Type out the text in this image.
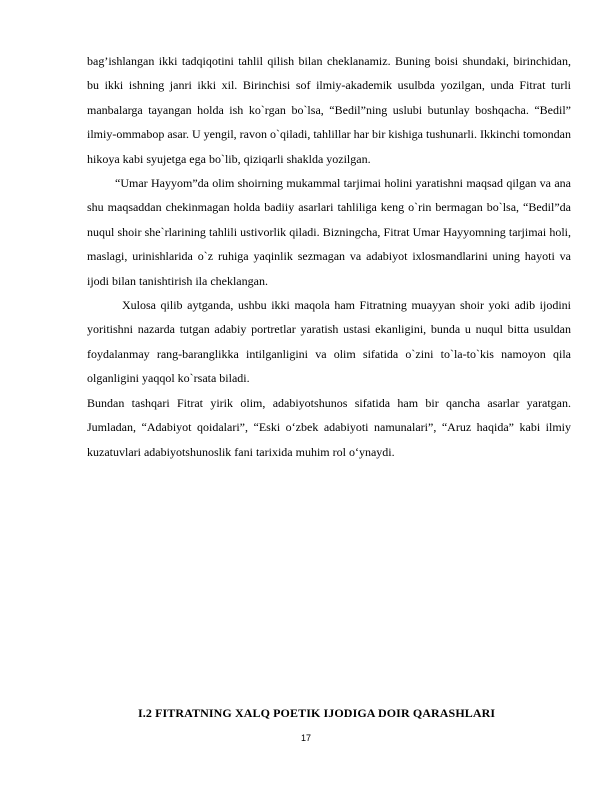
bag’ishlangan ikki tadqiqotini tahlil qilish bilan cheklanamiz. Buning boisi shundaki, birinchidan, bu ikki ishning janri ikki xil. Birinchisi sof ilmiy-akademik usulbda yozilgan, unda Fitrat turli manbalarga tayangan holda ish ko`rgan bo`lsa, “Bedil”ning uslubi butunlay boshqacha. “Bedil” ilmiy-ommabop asar. U yengil, ravon o`qiladi, tahlillar har bir kishiga tushunarli. Ikkinchi tomondan hikoya kabi syujetga ega bo`lib, qiziqarli shaklda yozilgan.

“Umar Hayyom”da olim shoirning mukammal tarjimai holini yaratishni maqsad qilgan va ana shu maqsaddan chekinmagan holda badiiy asarlari tahliliga keng o`rin bermagan bo`lsa, “Bedil”da nuqul shoir she`rlarining tahlili ustivorlik qiladi. Bizningcha, Fitrat Umar Hayyomning tarjimai holi, maslagi, urinishlarida o`z ruhiga yaqinlik sezmagan va adabiyot ixlosmandlarini uning hayoti va ijodi bilan tanishtirish ila cheklangan.

Xulosa qilib aytganda, ushbu ikki maqola ham Fitratning muayyan shoir yoki adib ijodini yoritishni nazarda tutgan adabiy portretlar yaratish ustasi ekanligini, bunda u nuqul bitta usuldan foydalanmay rang-baranglikka intilganligini va olim sifatida o`zini to`la-to`kis namoyon qila olganligini yaqqol ko`rsata biladi.

Bundan tashqari Fitrat yirik olim, adabiyotshunos sifatida ham bir qancha asarlar yaratgan. Jumladan, “Adabiyot qoidalari”, “Eski o‘zbek adabiyoti namunalari”, “Aruz haqida” kabi ilmiy kuzatuvlari adabiyotshunoslik fani tarixida muhim rol o‘ynaydi.

I.2 FITRATNING XALQ POETIK IJODIGA DOIR QARASHLARI
17
